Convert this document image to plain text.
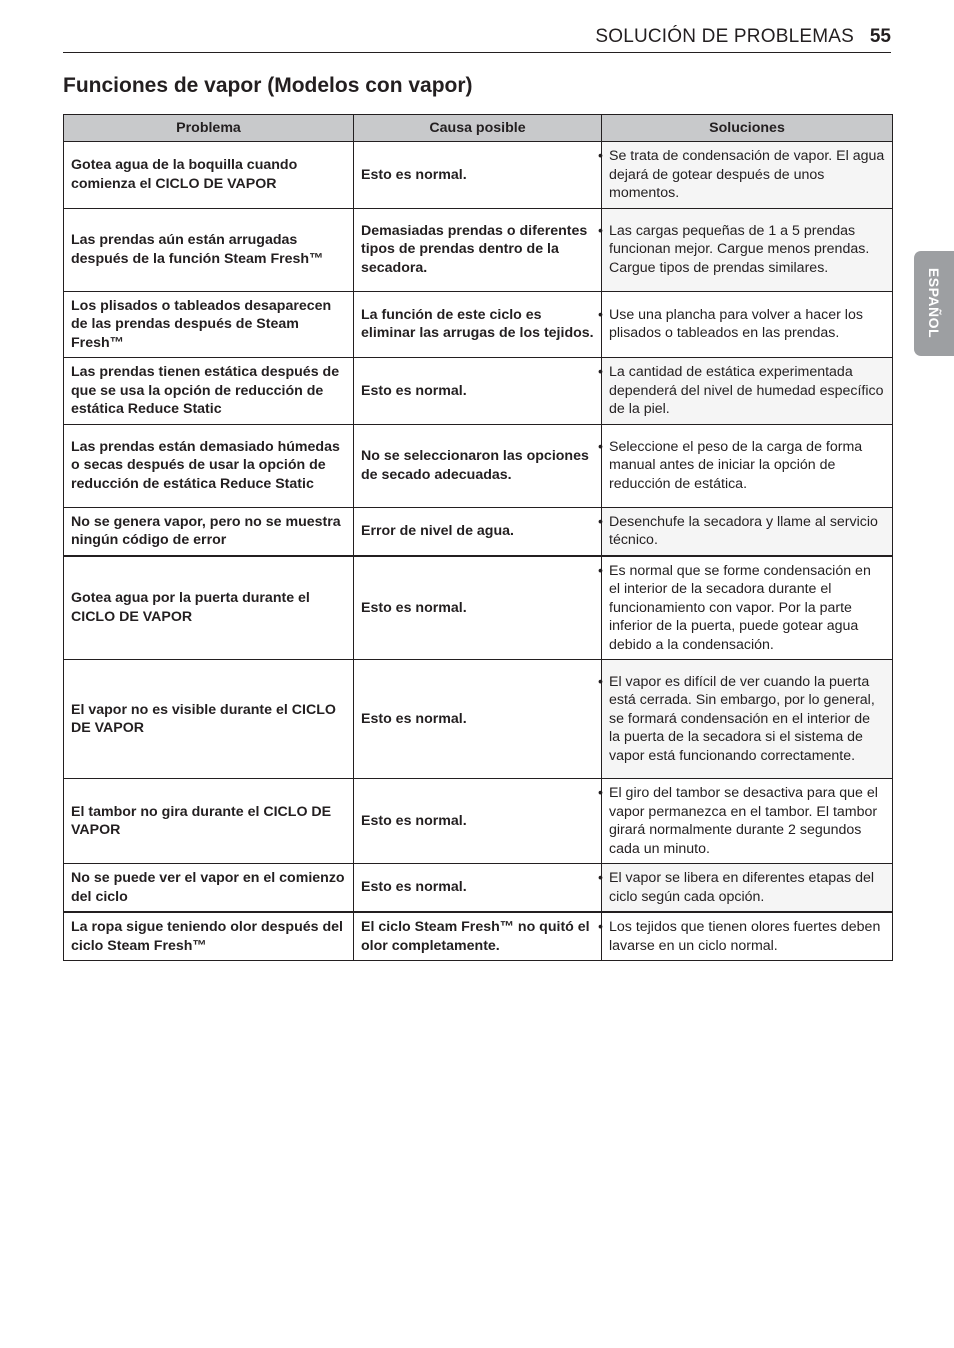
SOLUCIÓN DE PROBLEMAS 55
Funciones de vapor (Modelos con vapor)
ESPAÑOL
Problema	Causa posible	Soluciones
Gotea agua de la boquilla cuando comienza el CICLO DE VAPOR	Esto es normal.	• Se trata de condensación de vapor. El agua dejará de gotear después de unos momentos.

Las prendas aún están arrugadas después de la función Steam Fresh™	Demasiadas prendas o diferentes tipos de prendas dentro de la secadora.	• Las cargas pequeñas de 1 a 5 prendas funcionan mejor. Cargue menos prendas. Cargue tipos de prendas similares.

Los plisados o tableados desaparecen de las prendas después de Steam Fresh™	La función de este ciclo es eliminar las arrugas de los tejidos.	• Use una plancha para volver a hacer los plisados o tableados en las prendas.

Las prendas tienen estática después de que se usa la opción de reducción de estática Reduce Static	Esto es normal.	• La cantidad de estática experimentada dependerá del nivel de humedad específico de la piel.

Las prendas están demasiado húmedas o secas después de usar la opción de reducción de estática Reduce Static	No se seleccionaron las opciones de secado adecuadas.	• Seleccione el peso de la carga de forma manual antes de iniciar la opción de reducción de estática.

No se genera vapor, pero no se muestra ningún código de error	Error de nivel de agua.	• Desenchufe la secadora y llame al servicio técnico.

Gotea agua por la puerta durante el CICLO DE VAPOR	Esto es normal.	• Es normal que se forme condensación en el interior de la secadora durante el funcionamiento con vapor. Por la parte inferior de la puerta, puede gotear agua debido a la condensación.

El vapor no es visible durante el CICLO DE VAPOR	Esto es normal.	• El vapor es difícil de ver cuando la puerta está cerrada. Sin embargo, por lo general, se formará condensación en el interior de la puerta de la secadora si el sistema de vapor está funcionando correctamente.

El tambor no gira durante el CICLO DE VAPOR	Esto es normal.	• El giro del tambor se desactiva para que el vapor permanezca en el tambor. El tambor girará normalmente durante 2 segundos cada un minuto.

No se puede ver el vapor en el comienzo del ciclo	Esto es normal.	• El vapor se libera en diferentes etapas del ciclo según cada opción.

La ropa sigue teniendo olor después del ciclo Steam Fresh™	El ciclo Steam Fresh™ no quitó el olor completamente.	• Los tejidos que tienen olores fuertes deben lavarse en un ciclo normal.
